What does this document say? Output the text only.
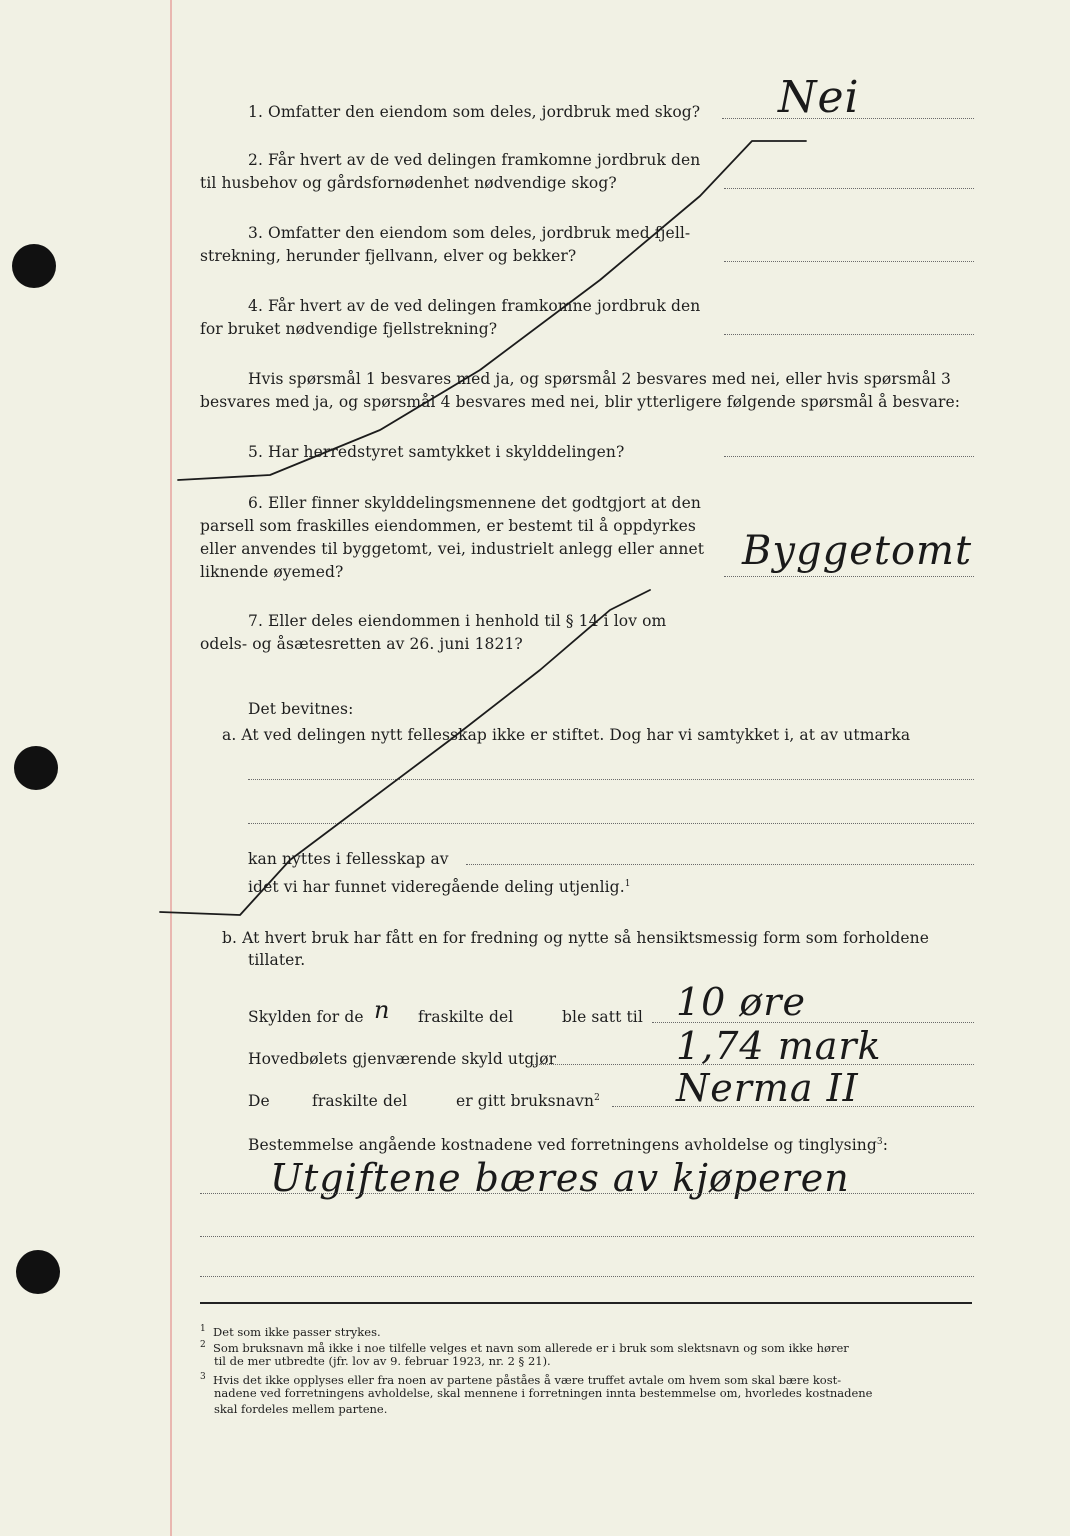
1. Omfatter den eiendom som deles, jordbruk med skog? Nei
2. Får hvert av de ved delingen framkomne jordbruk den
til husbehov og gårdsfornødenhet nødvendige skog?
3. Omfatter den eiendom som deles, jordbruk med fjell-
strekning, herunder fjellvann, elver og bekker?
4. Får hvert av de ved delingen framkomne jordbruk den
for bruket nødvendige fjellstrekning?
Hvis spørsmål 1 besvares med ja, og spørsmål 2 besvares med nei, eller hvis spørsmål 3
besvares med ja, og spørsmål 4 besvares med nei, blir ytterligere følgende spørsmål å besvare:
5. Har herredstyret samtykket i skylddelingen?
6. Eller finner skylddelingsmennene det godtgjort at den
parsell som fraskilles eiendommen, er bestemt til å oppdyrkes
eller anvendes til byggetomt, vei, industrielt anlegg eller annet
liknende øyemed?	Byggetomt
7. Eller deles eiendommen i henhold til § 14 i lov om
odels- og åsætesretten av 26. juni 1821?
Det bevitnes:
a. At ved delingen nytt fellesskap ikke er stiftet. Dog har vi samtykket i, at av utmarka
kan nyttes i fellesskap av
idet vi har funnet videregående deling utjenlig.$^1$
b. At hvert bruk har fått en for fredning og nytte så hensiktsmessig form som forholdene
tillater.
Skylden for de n fraskilte del	ble satt til 10 øre
Hovedbølets gjenværende skyld utgjør	1,74 mark
De	fraskilte del	er gitt bruksnavn$^2$ Nerma II
Bestemmelse angående kostnadene ved forretningens avholdelse og tinglysing$^3$:
Utgiftene bæres av kjøperen
$^1$ Det som ikke passer strykes.
$^2$ Som bruksnavn må ikke i noe tilfelle velges et navn som allerede er i bruk som slektsnavn og som ikke hører
til de mer utbredte (jfr. lov av 9. februar 1923, nr. 2 § 21).
$^3$ Hvis det ikke opplyses eller fra noen av partene påståes å være truffet avtale om hvem som skal bære kost-
nadene ved forretningens avholdelse, skal mennene i forretningen innta bestemmelse om, hvorledes kostnadene
skal fordeles mellem partene.
